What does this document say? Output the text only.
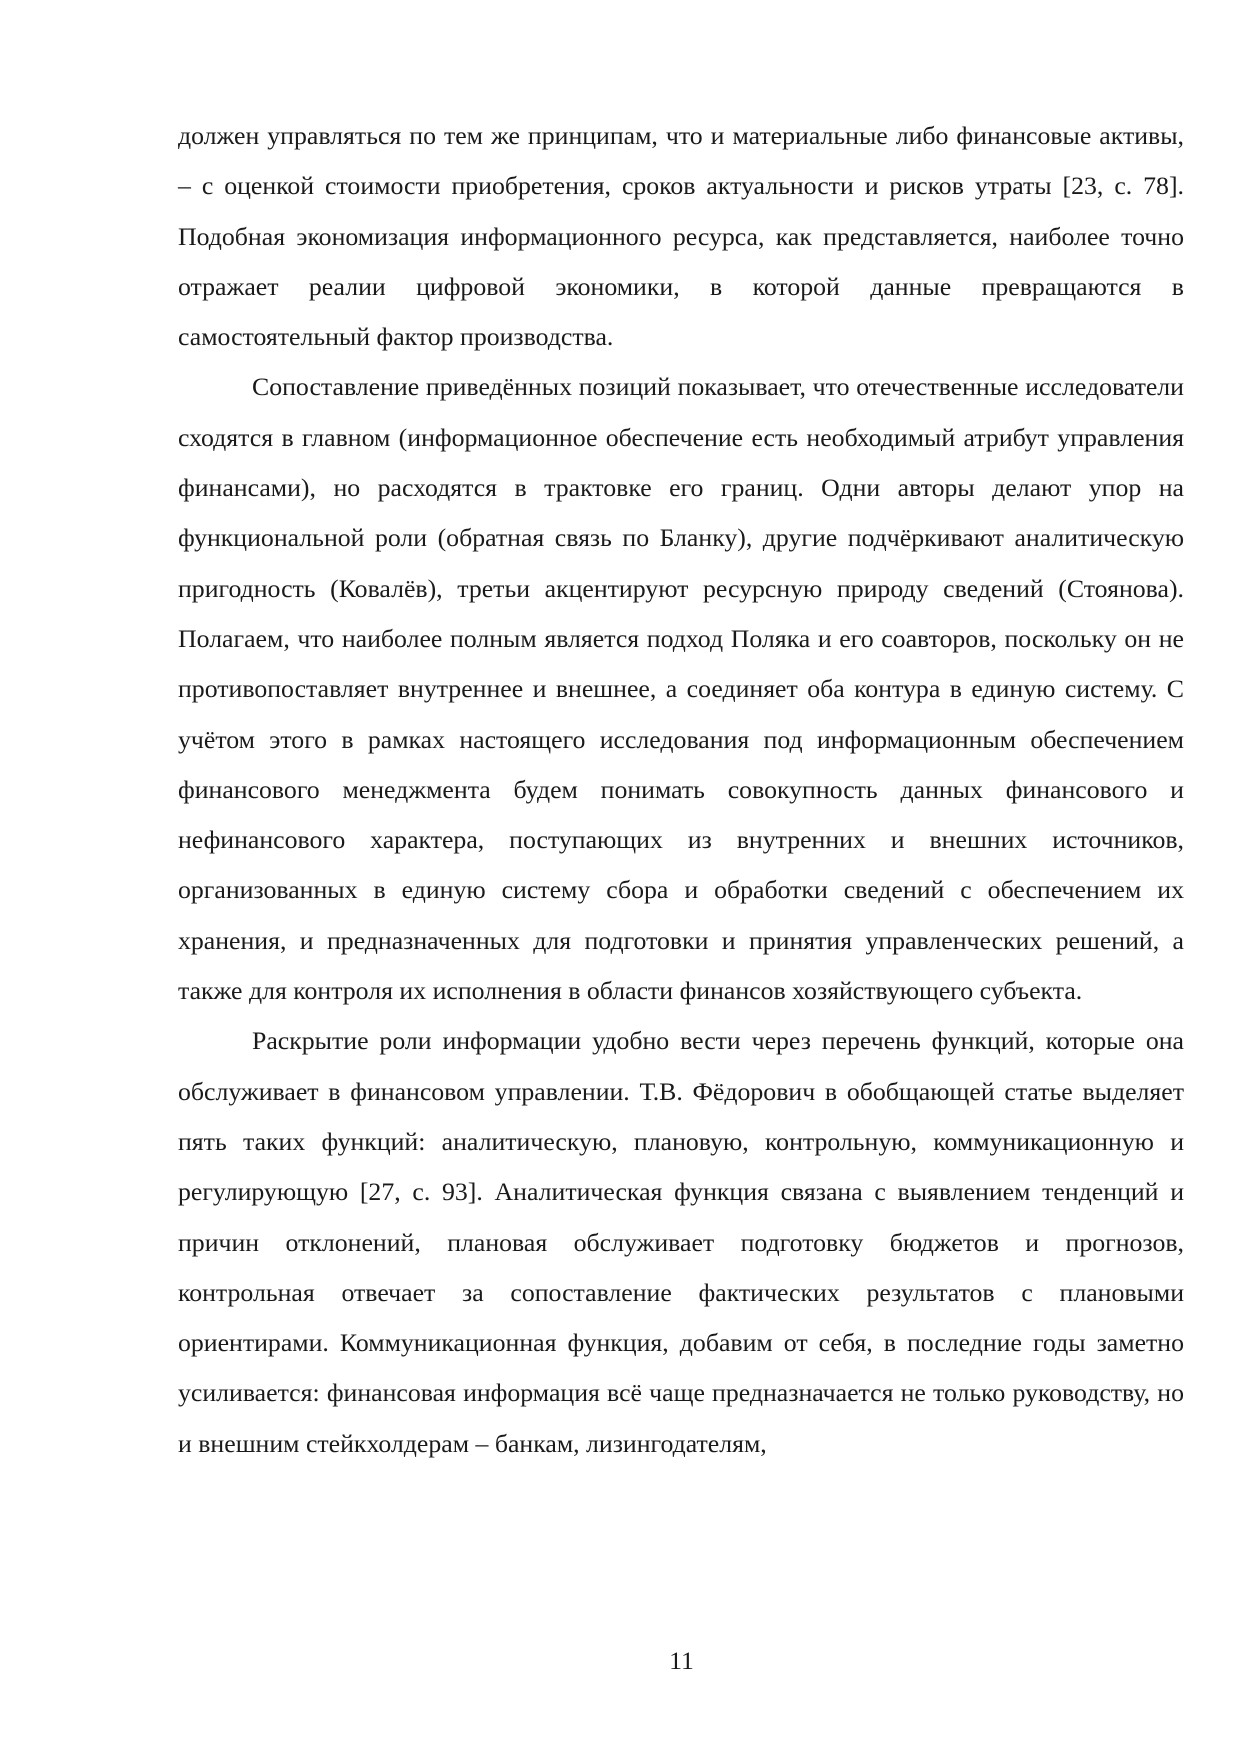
должен управляться по тем же принципам, что и материальные либо финансовые активы, – с оценкой стоимости приобретения, сроков актуальности и рисков утраты [23, с. 78]. Подобная экономизация информационного ресурса, как представляется, наиболее точно отражает реалии цифровой экономики, в которой данные превращаются в самостоятельный фактор производства.

Сопоставление приведённых позиций показывает, что отечественные исследователи сходятся в главном (информационное обеспечение есть необходимый атрибут управления финансами), но расходятся в трактовке его границ. Одни авторы делают упор на функциональной роли (обратная связь по Бланку), другие подчёркивают аналитическую пригодность (Ковалёв), третьи акцентируют ресурсную природу сведений (Стоянова). Полагаем, что наиболее полным является подход Поляка и его соавторов, поскольку он не противопоставляет внутреннее и внешнее, а соединяет оба контура в единую систему. С учётом этого в рамках настоящего исследования под информационным обеспечением финансового менеджмента будем понимать совокупность данных финансового и нефинансового характера, поступающих из внутренних и внешних источников, организованных в единую систему сбора и обработки сведений с обеспечением их хранения, и предназначенных для подготовки и принятия управленческих решений, а также для контроля их исполнения в области финансов хозяйствующего субъекта.

Раскрытие роли информации удобно вести через перечень функций, которые она обслуживает в финансовом управлении. Т.В. Фёдорович в обобщающей статье выделяет пять таких функций: аналитическую, плановую, контрольную, коммуникационную и регулирующую [27, с. 93]. Аналитическая функция связана с выявлением тенденций и причин отклонений, плановая обслуживает подготовку бюджетов и прогнозов, контрольная отвечает за сопоставление фактических результатов с плановыми ориентирами. Коммуникационная функция, добавим от себя, в последние годы заметно усиливается: финансовая информация всё чаще предназначается не только руководству, но и внешним стейкхолдерам – банкам, лизингодателям,

11
